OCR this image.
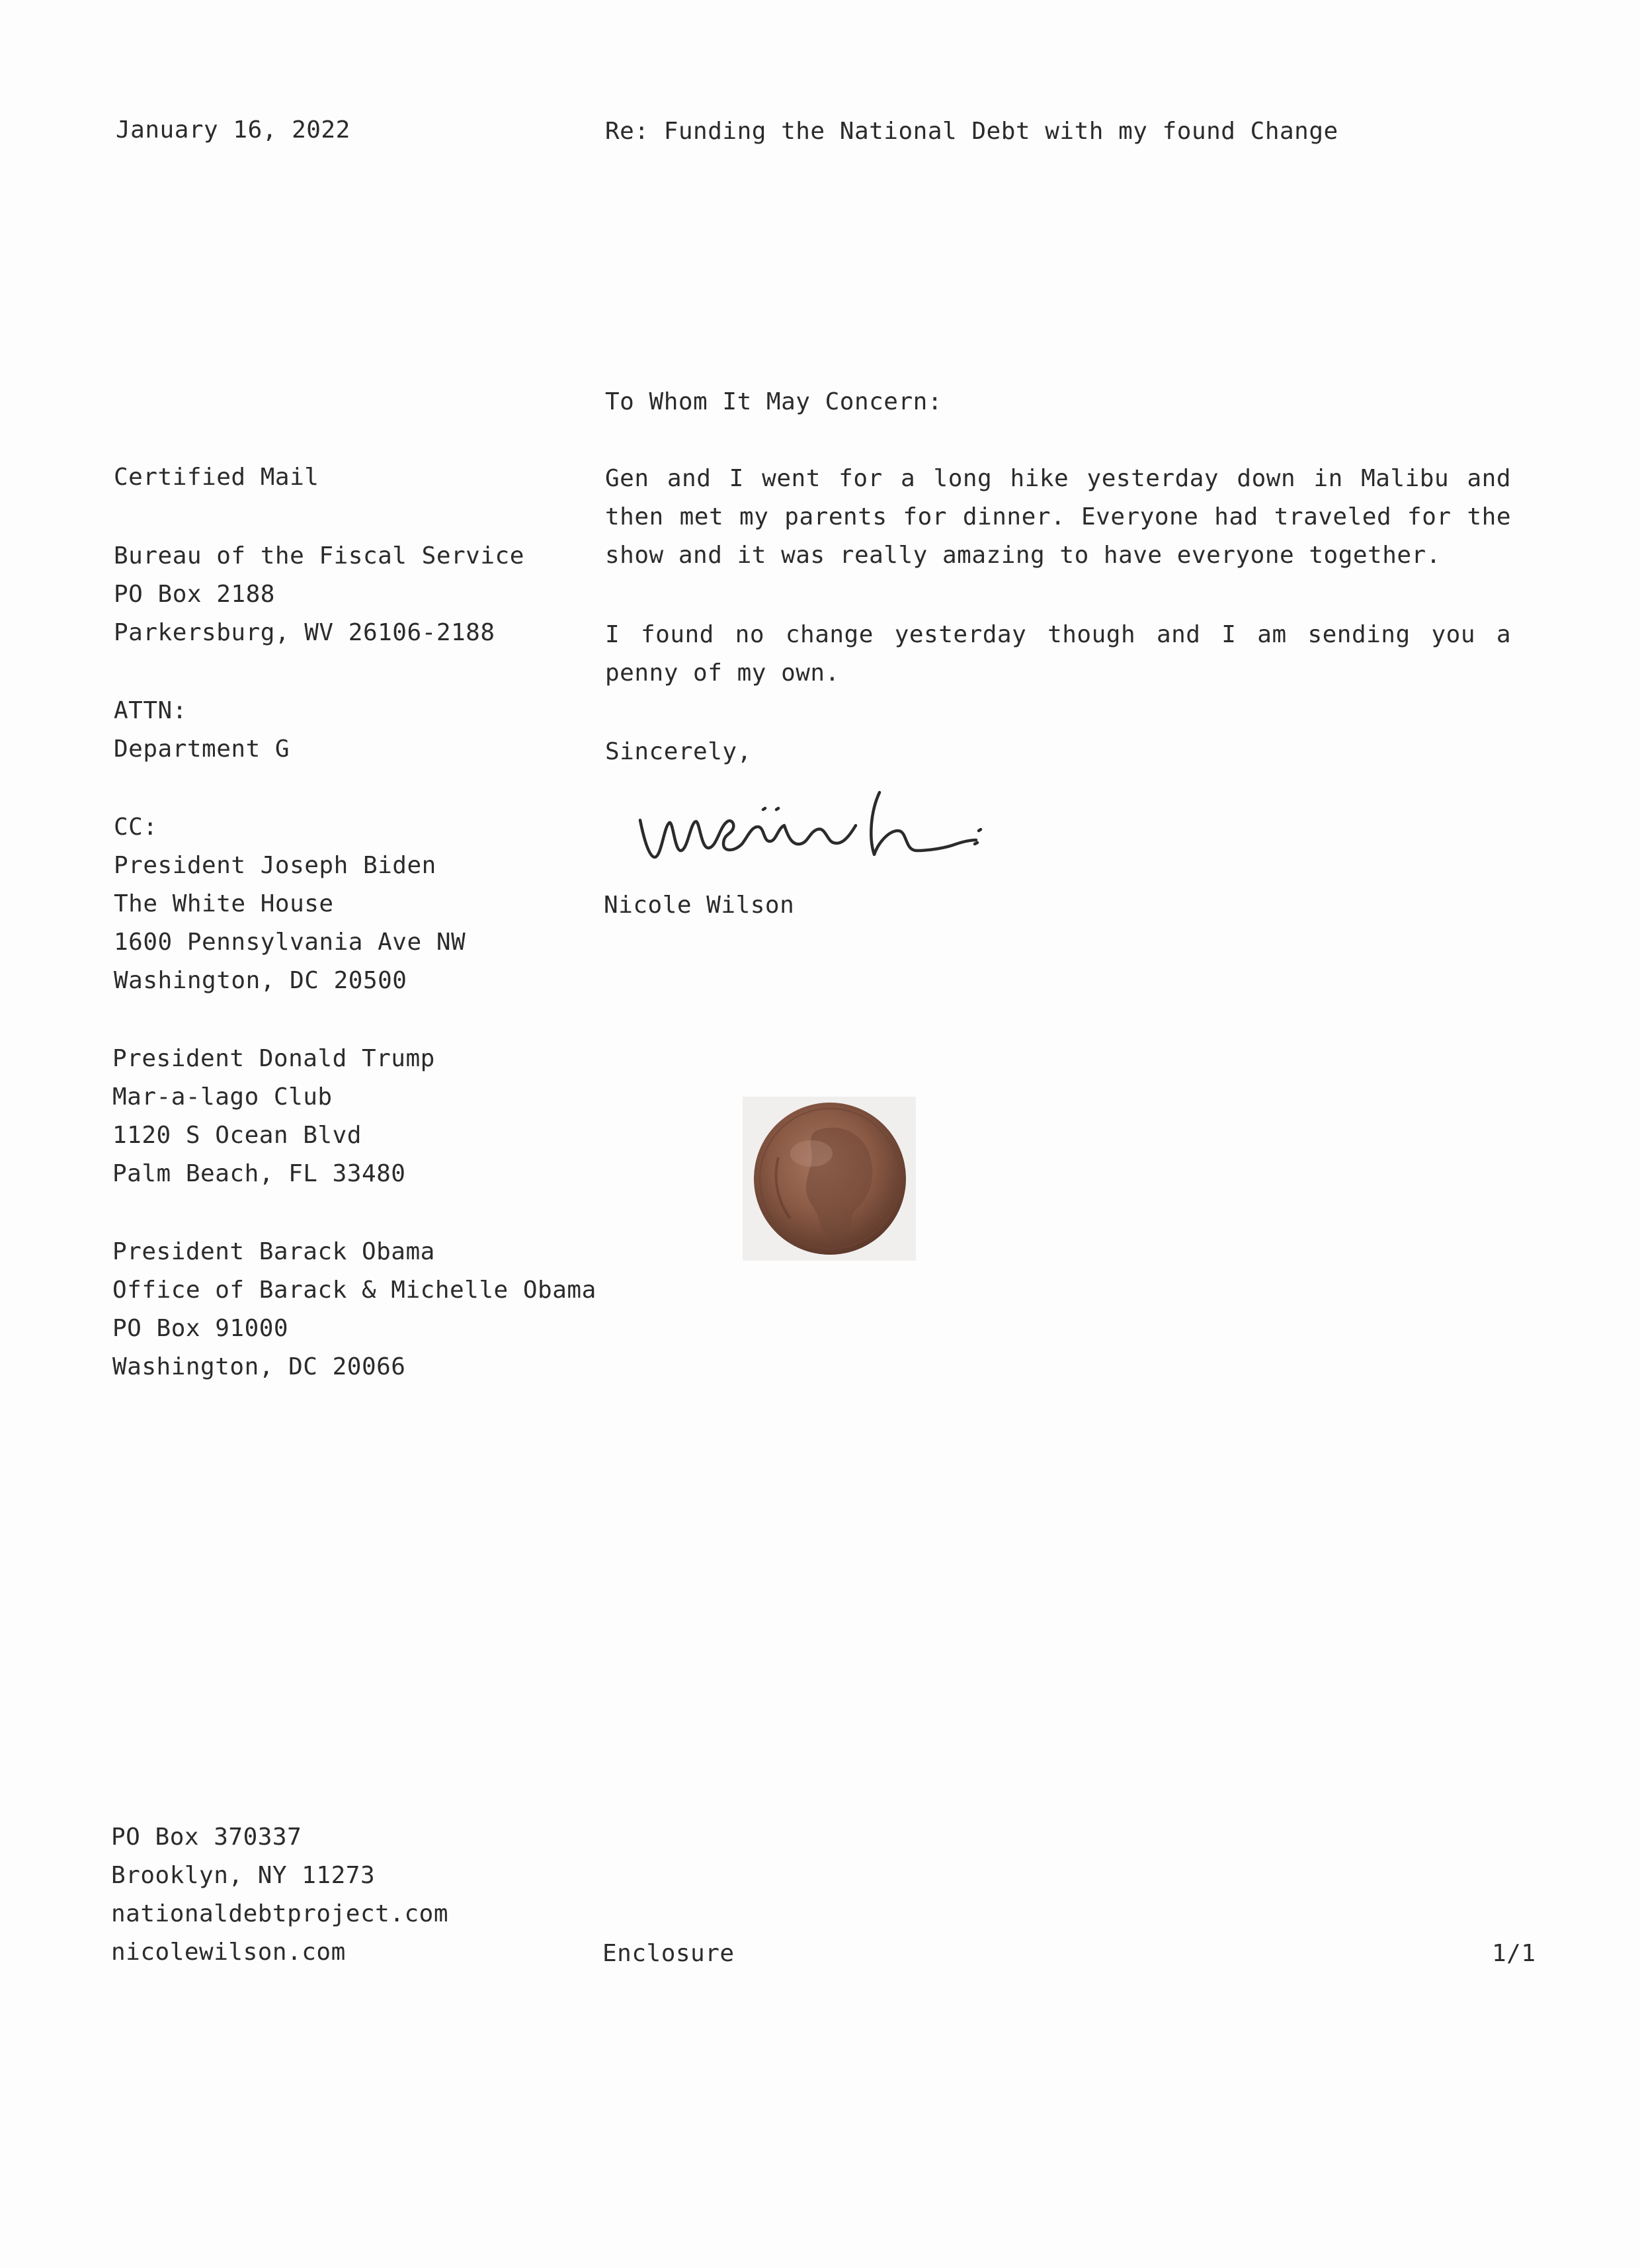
January 16, 2022	Re: Funding the National Debt with my found Change
Certified Mail
Bureau of the Fiscal Service
PO Box 2188
Parkersburg, WV 26106-2188
ATTN:
Department G
CC:
President Joseph Biden
The White House
1600 Pennsylvania Ave NW
Washington, DC 20500
President Donald Trump
Mar-a-lago Club
1120 S Ocean Blvd
Palm Beach, FL 33480
President Barack Obama
Office of Barack & Michelle Obama
PO Box 91000
Washington, DC 20066
To Whom It May Concern:
Gen and I went for a long hike yesterday down in Malibu and then met my parents for dinner. Everyone had traveled for the show and it was really amazing to have everyone together.
I found no change yesterday though and I am sending you a penny of my own.
Sincerely,
Nicole Wilson
PO Box 370337
Brooklyn, NY 11273
nationaldebtproject.com
nicolewilson.com	Enclosure	1/1
